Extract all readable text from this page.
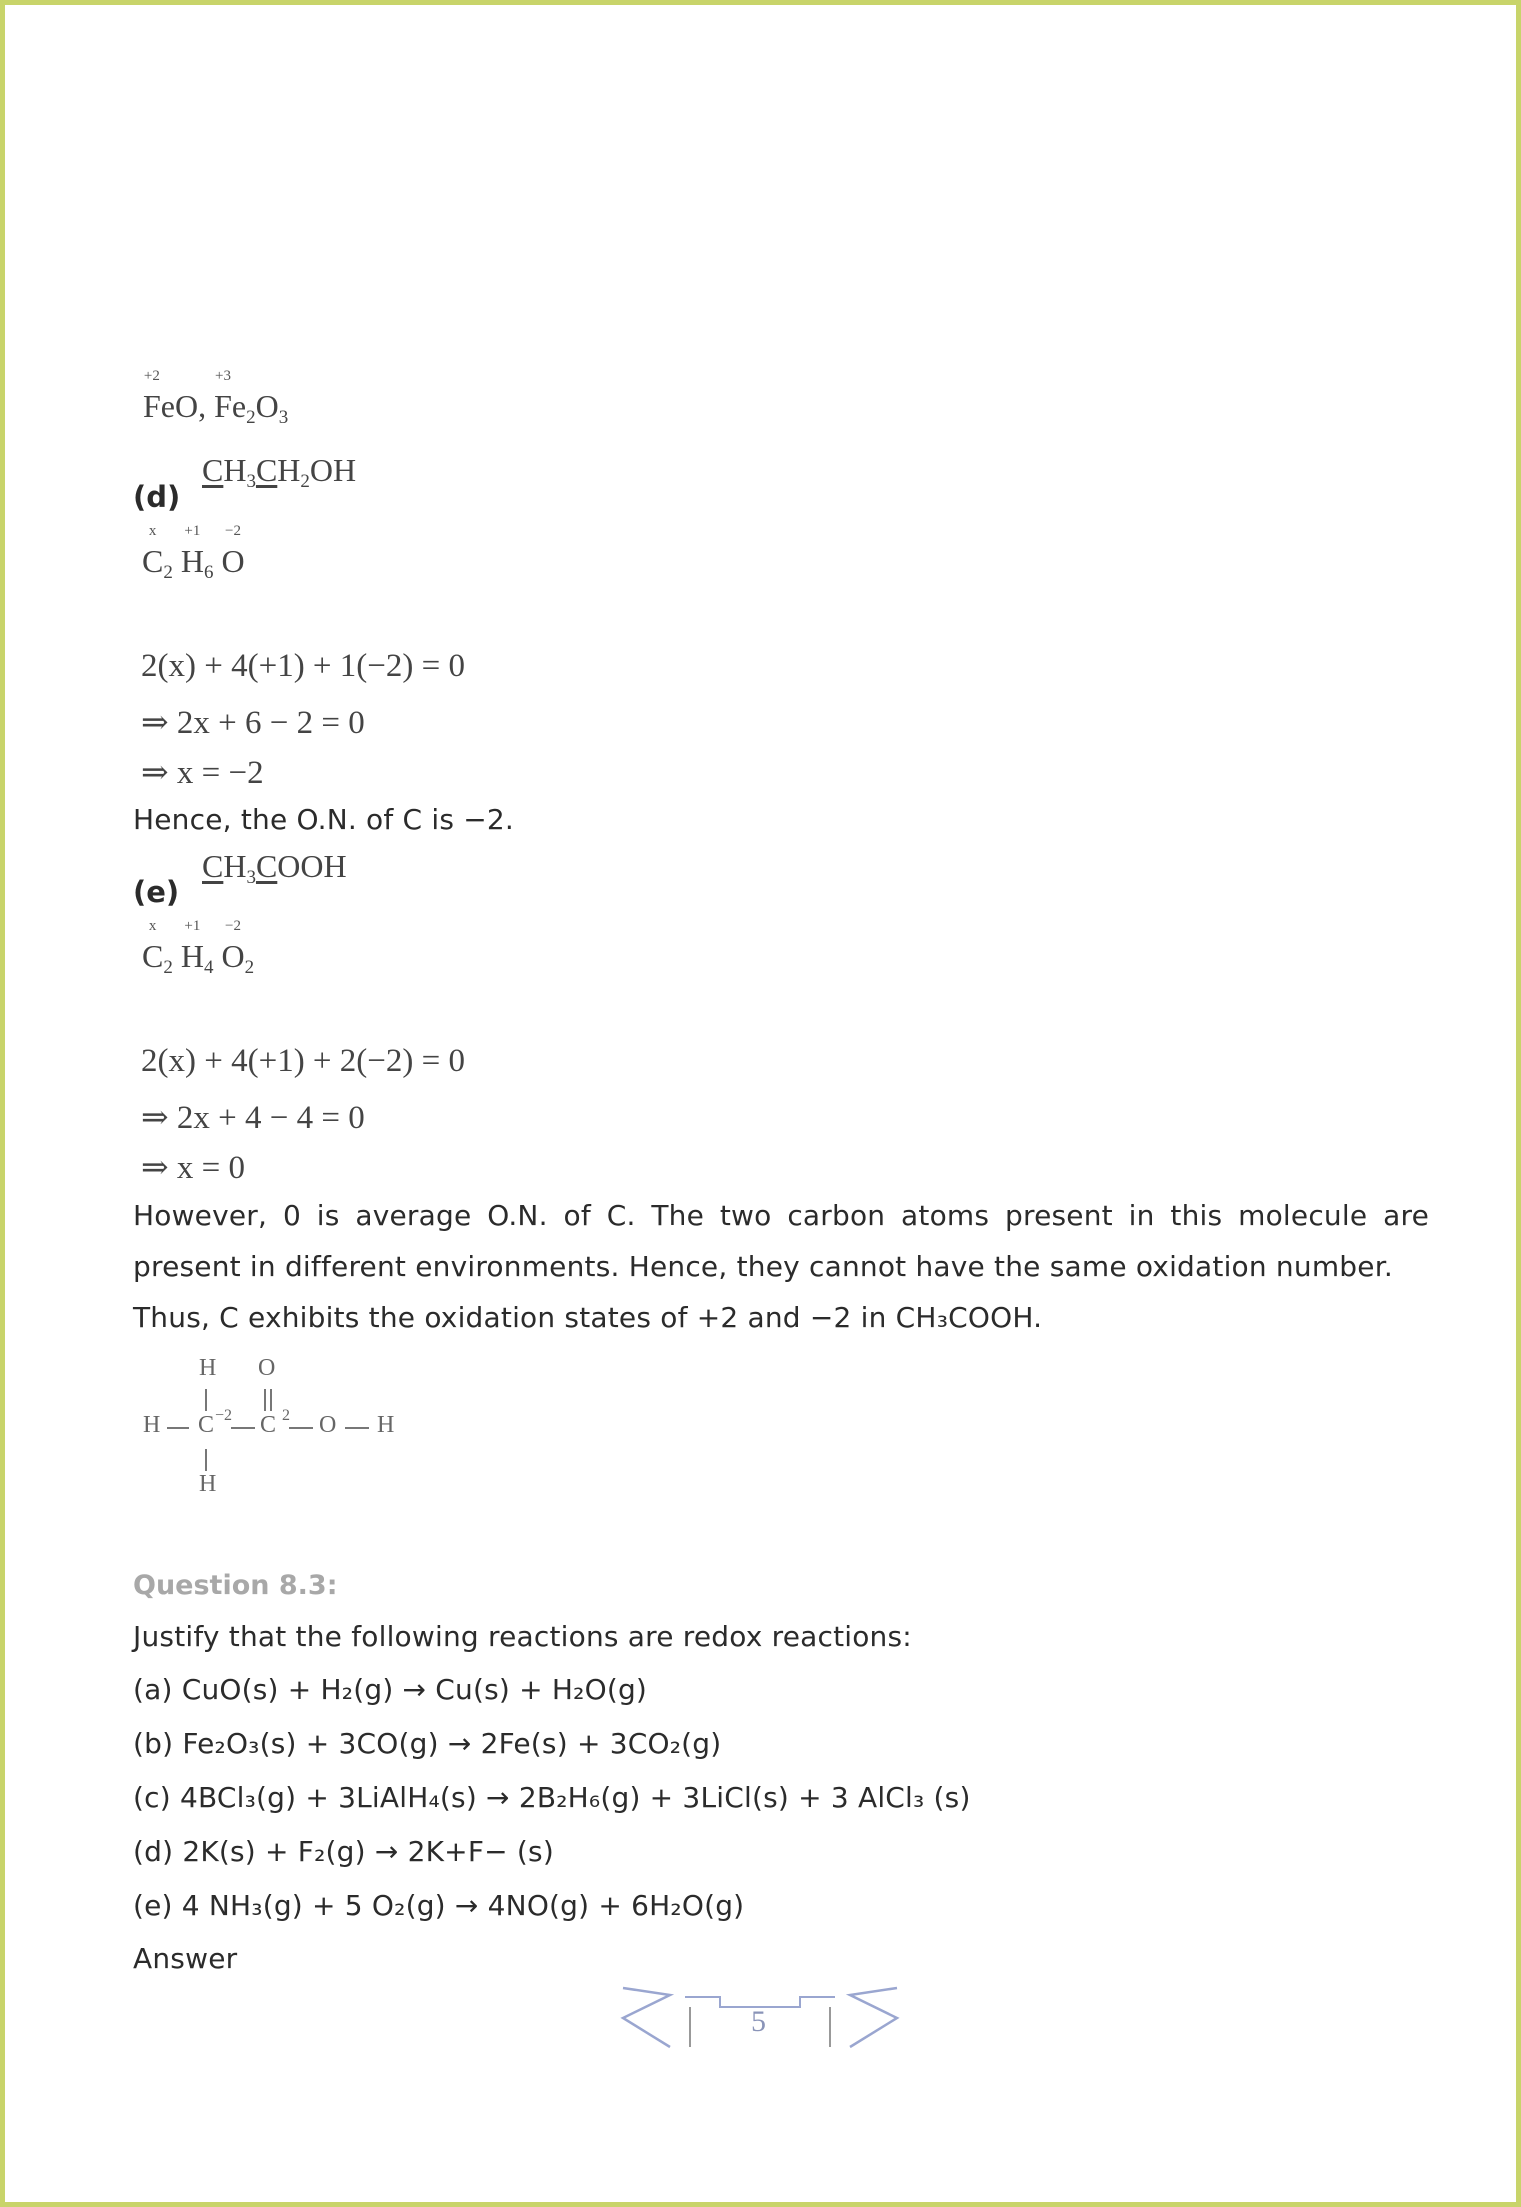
+2
FeO,
+3
$Fe_2O_3$
(d)
$CH_3CH_2OH$
x
$C_2$
+1
$H_6$
−2
O
2(x) + 4(+1) + 1(−2) = 0
⇒ 2x + 6 − 2 = 0
⇒ x = −2
Hence, the O.N. of C is −2.
(e)
$CH_3COOH$
x
$C_2$
+1
$H_4$
−2
$O_2$
2(x) + 4(+1) + 2(−2) = 0
⇒ 2x + 4 − 4 = 0
⇒ x = 0
However, 0 is average O.N. of C. The two carbon atoms present in this molecule are
present in different environments. Hence, they cannot have the same oxidation number.
Thus, C exhibits the oxidation states of +2 and −2 in CH₃COOH.
H O
H C −2 C 2 O H
H
Question 8.3:
Justify that the following reactions are redox reactions:
(a) CuO(s) + H₂(g) → Cu(s) + H₂O(g)
(b) Fe₂O₃(s) + 3CO(g) → 2Fe(s) + 3CO₂(g)
(c) 4BCl₃(g) + 3LiAlH₄(s) → 2B₂H₆(g) + 3LiCl(s) + 3 AlCl₃ (s)
(d) 2K(s) + F₂(g) → 2K+F− (s)
(e) 4 NH₃(g) + 5 O₂(g) → 4NO(g) + 6H₂O(g)
Answer
5
